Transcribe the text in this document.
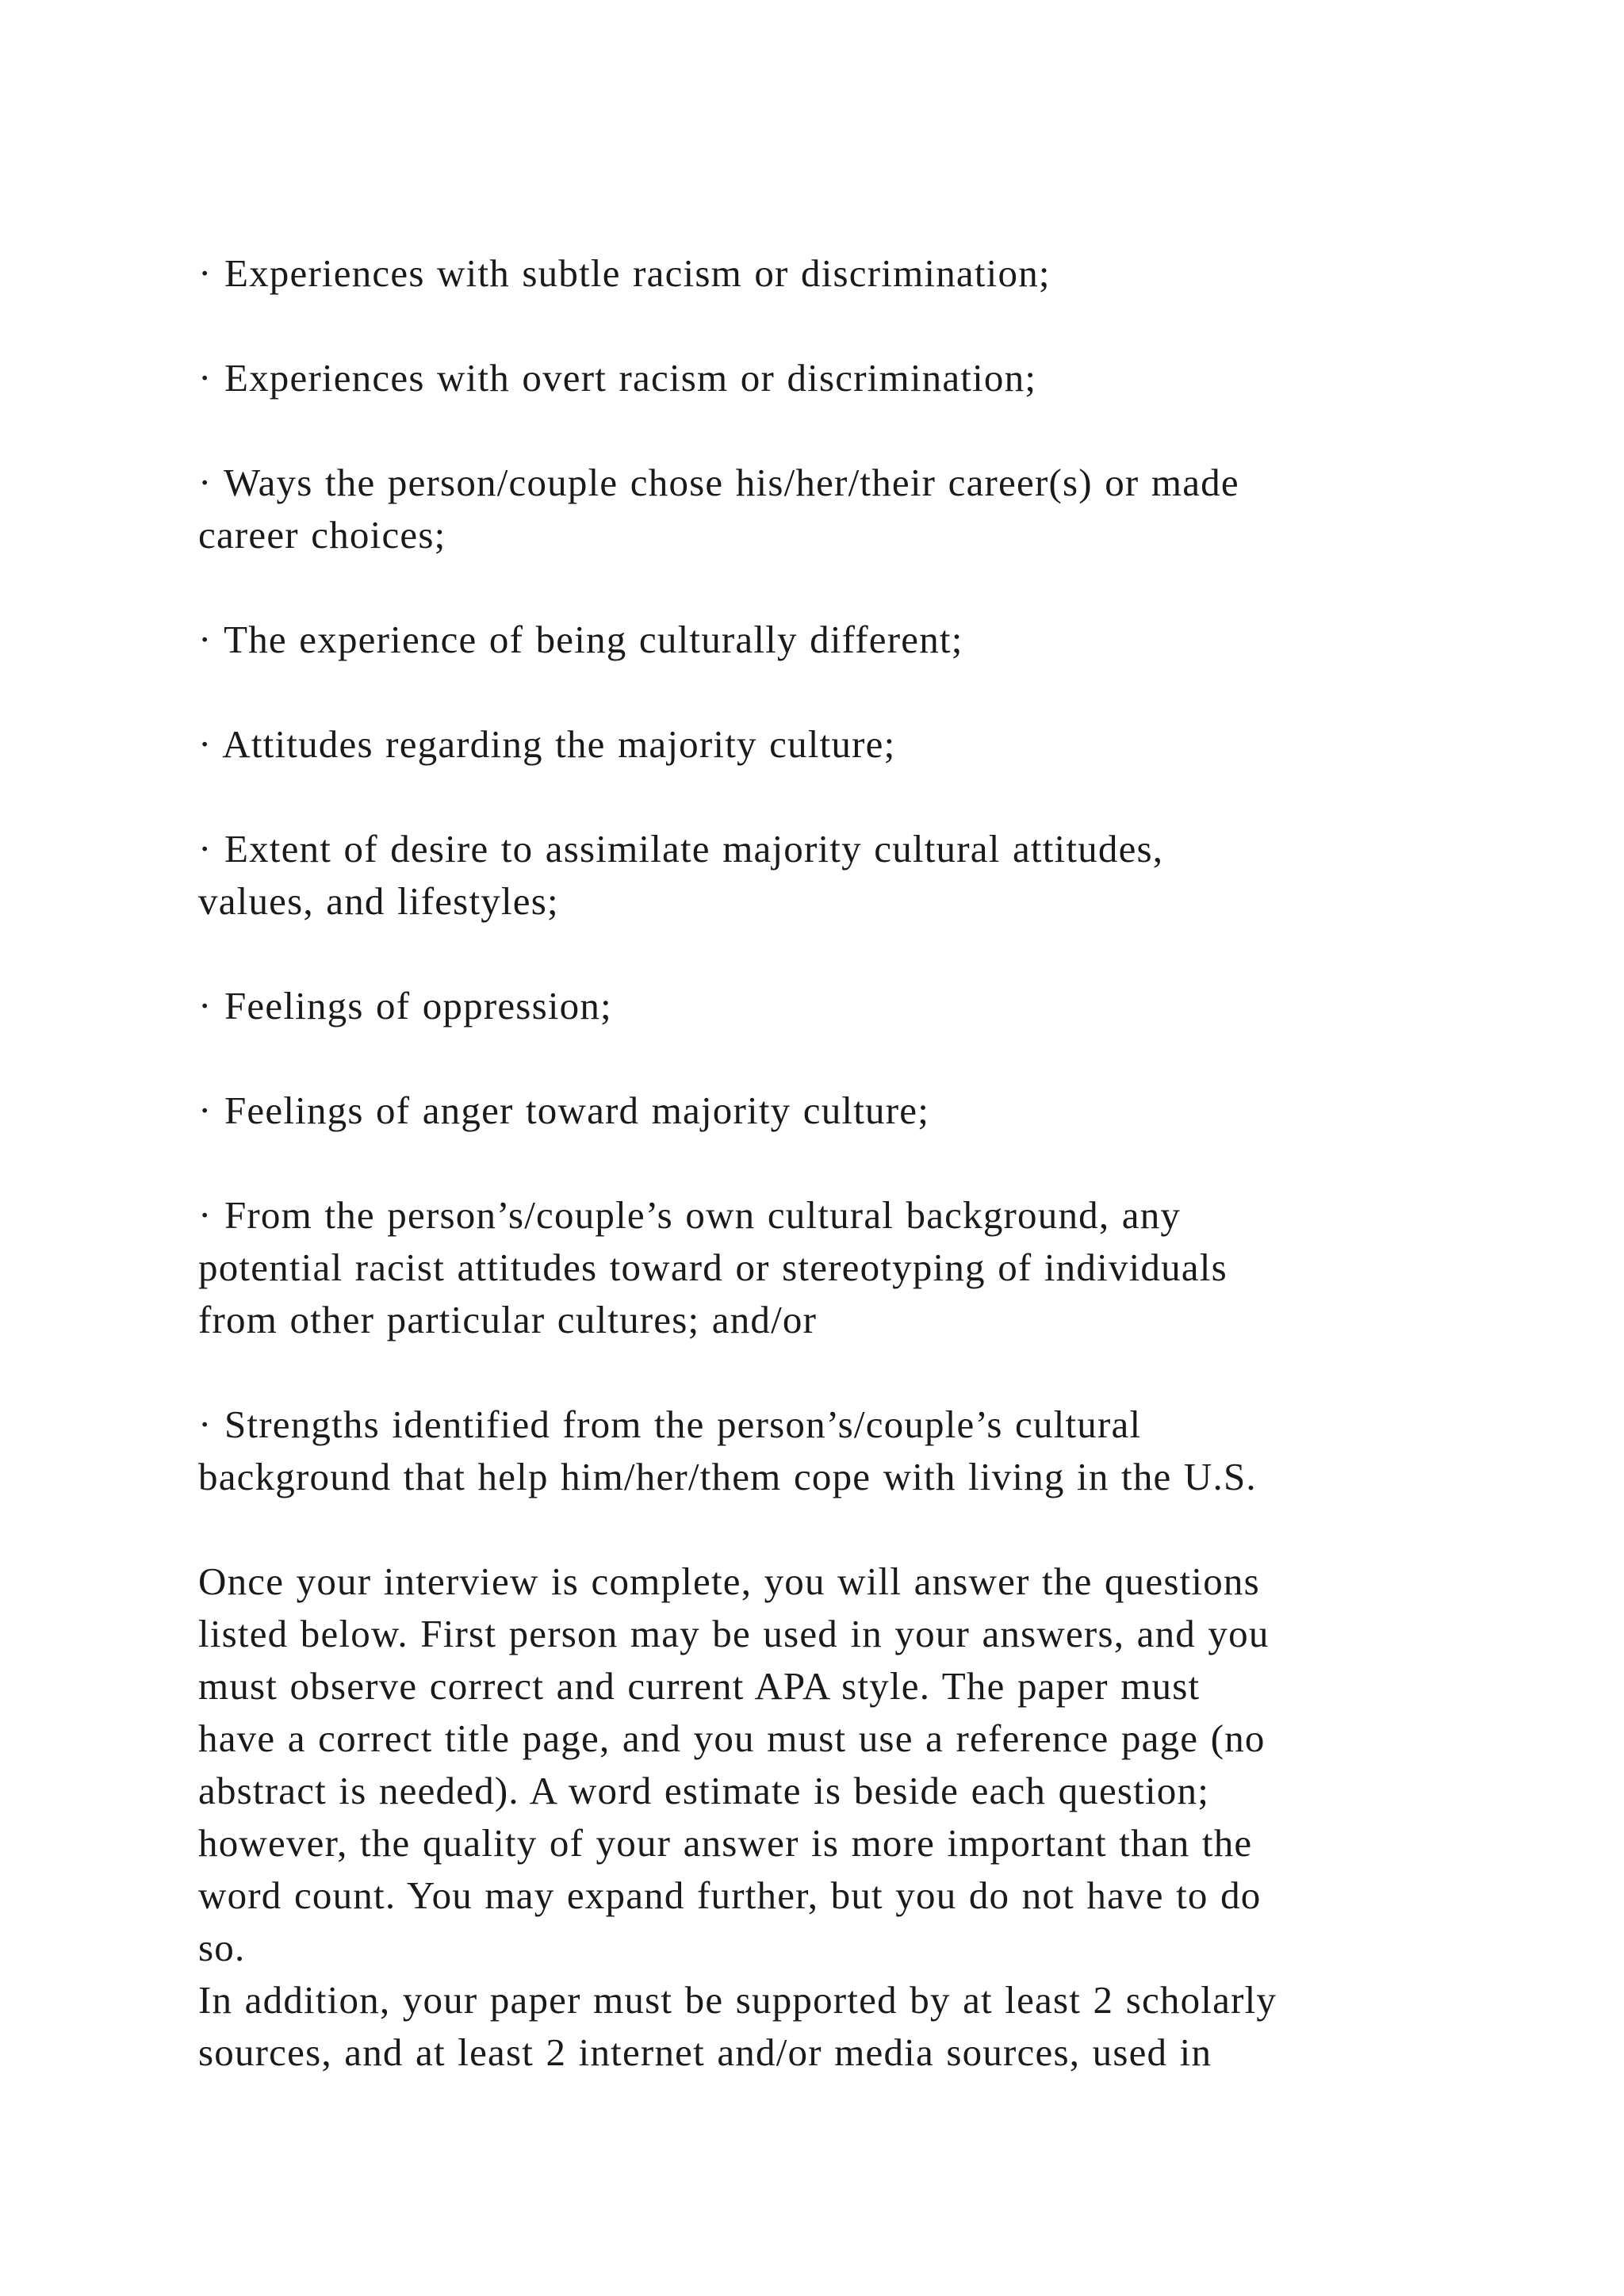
· Experiences with subtle racism or discrimination;

· Experiences with overt racism or discrimination;

· Ways the person/couple chose his/her/their career(s) or made
career choices;

· The experience of being culturally different;

· Attitudes regarding the majority culture;

· Extent of desire to assimilate majority cultural attitudes,
values, and lifestyles;

· Feelings of oppression;

· Feelings of anger toward majority culture;

· From the person’s/couple’s own cultural background, any
potential racist attitudes toward or stereotyping of individuals
from other particular cultures; and/or

· Strengths identified from the person’s/couple’s cultural
background that help him/her/them cope with living in the U.S.

Once your interview is complete, you will answer the questions
listed below. First person may be used in your answers, and you
must observe correct and current APA style. The paper must
have a correct title page, and you must use a reference page (no
abstract is needed). A word estimate is beside each question;
however, the quality of your answer is more important than the
word count. You may expand further, but you do not have to do
so.

In addition, your paper must be supported by at least 2 scholarly
sources, and at least 2 internet and/or media sources, used in
